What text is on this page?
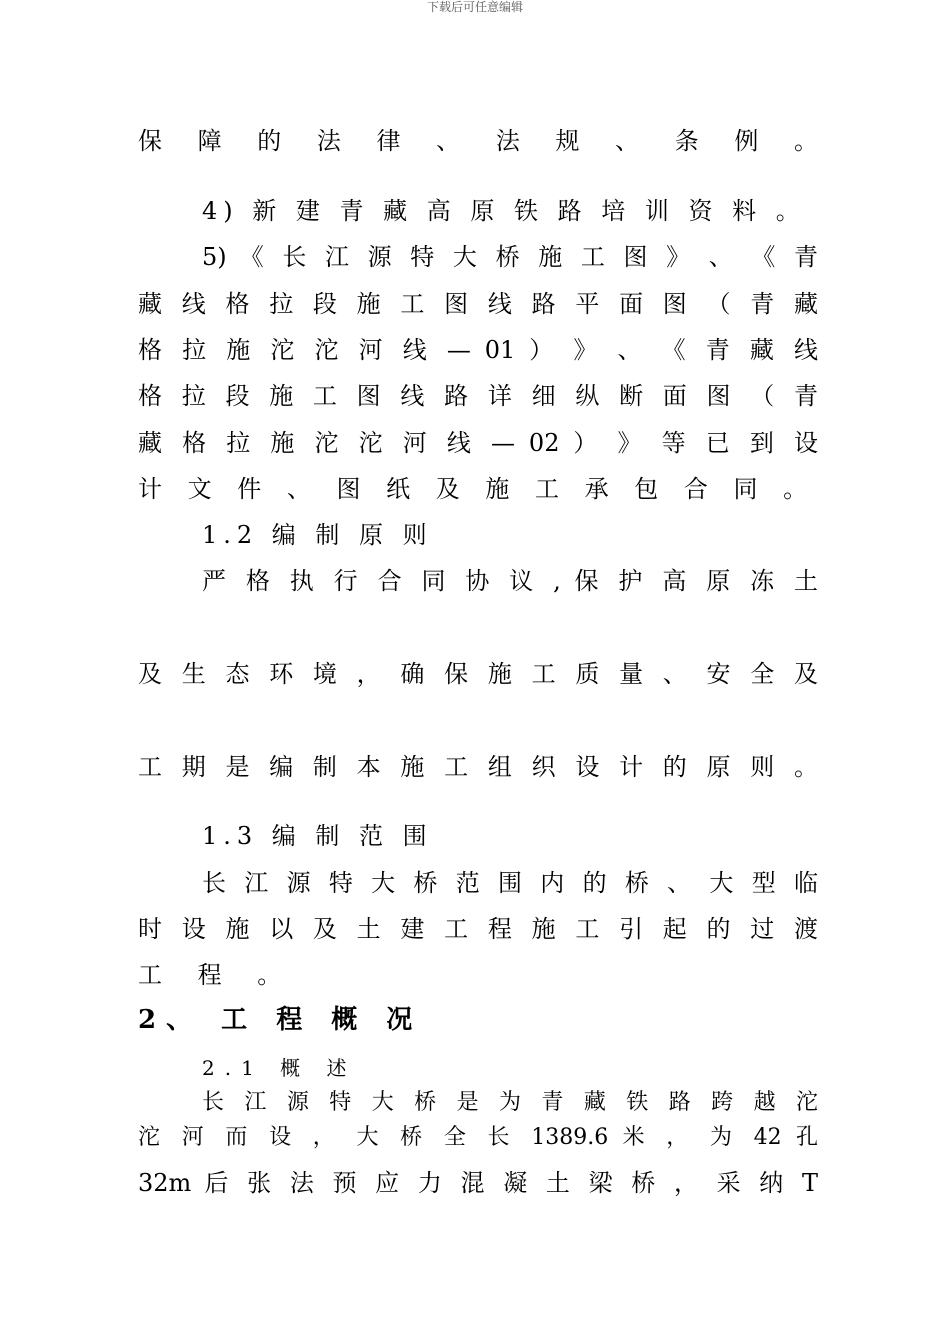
下载后可任意编辑
保 障 的 法 律 、 法 规 、 条 例 。
4) 新 建 青 藏 高 原 铁 路 培 训 资 料 。
5) 《 长 江 源 特 大 桥 施 工 图 》 、 《 青
藏 线 格 拉 段 施 工 图 线 路 平 面 图 （ 青 藏
格 拉 施 沱 沱 河 线 — 01 ） 》 、 《 青 藏 线
格 拉 段 施 工 图 线 路 详 细 纵 断 面 图 （ 青
藏 格 拉 施 沱 沱 河 线 — 02 ） 》 等 已 到 设
计 文 件 、 图 纸 及 施 工 承 包 合 同 。
1.2 编 制 原 则
严 格 执 行 合 同 协 议 , 保 护 高 原 冻 土
及 生 态 环 境 ， 确 保 施 工 质 量 、 安 全 及
工 期 是 编 制 本 施 工 组 织 设 计 的 原 则 。
1.3 编 制 范 围
长 江 源 特 大 桥 范 围 内 的 桥 、 大 型 临
时 设 施 以 及 土 建 工 程 施 工 引 起 的 过 渡
工 程 。
2、 工 程 概 况
2.1 概 述
长 江 源 特 大 桥 是 为 青 藏 铁 路 跨 越 沱
沱 河 而 设 ， 大 桥 全 长 1389.6 米 ， 为 42 孔
32m 后 张 法 预 应 力 混 凝 土 梁 桥 ， 采 纳 T
